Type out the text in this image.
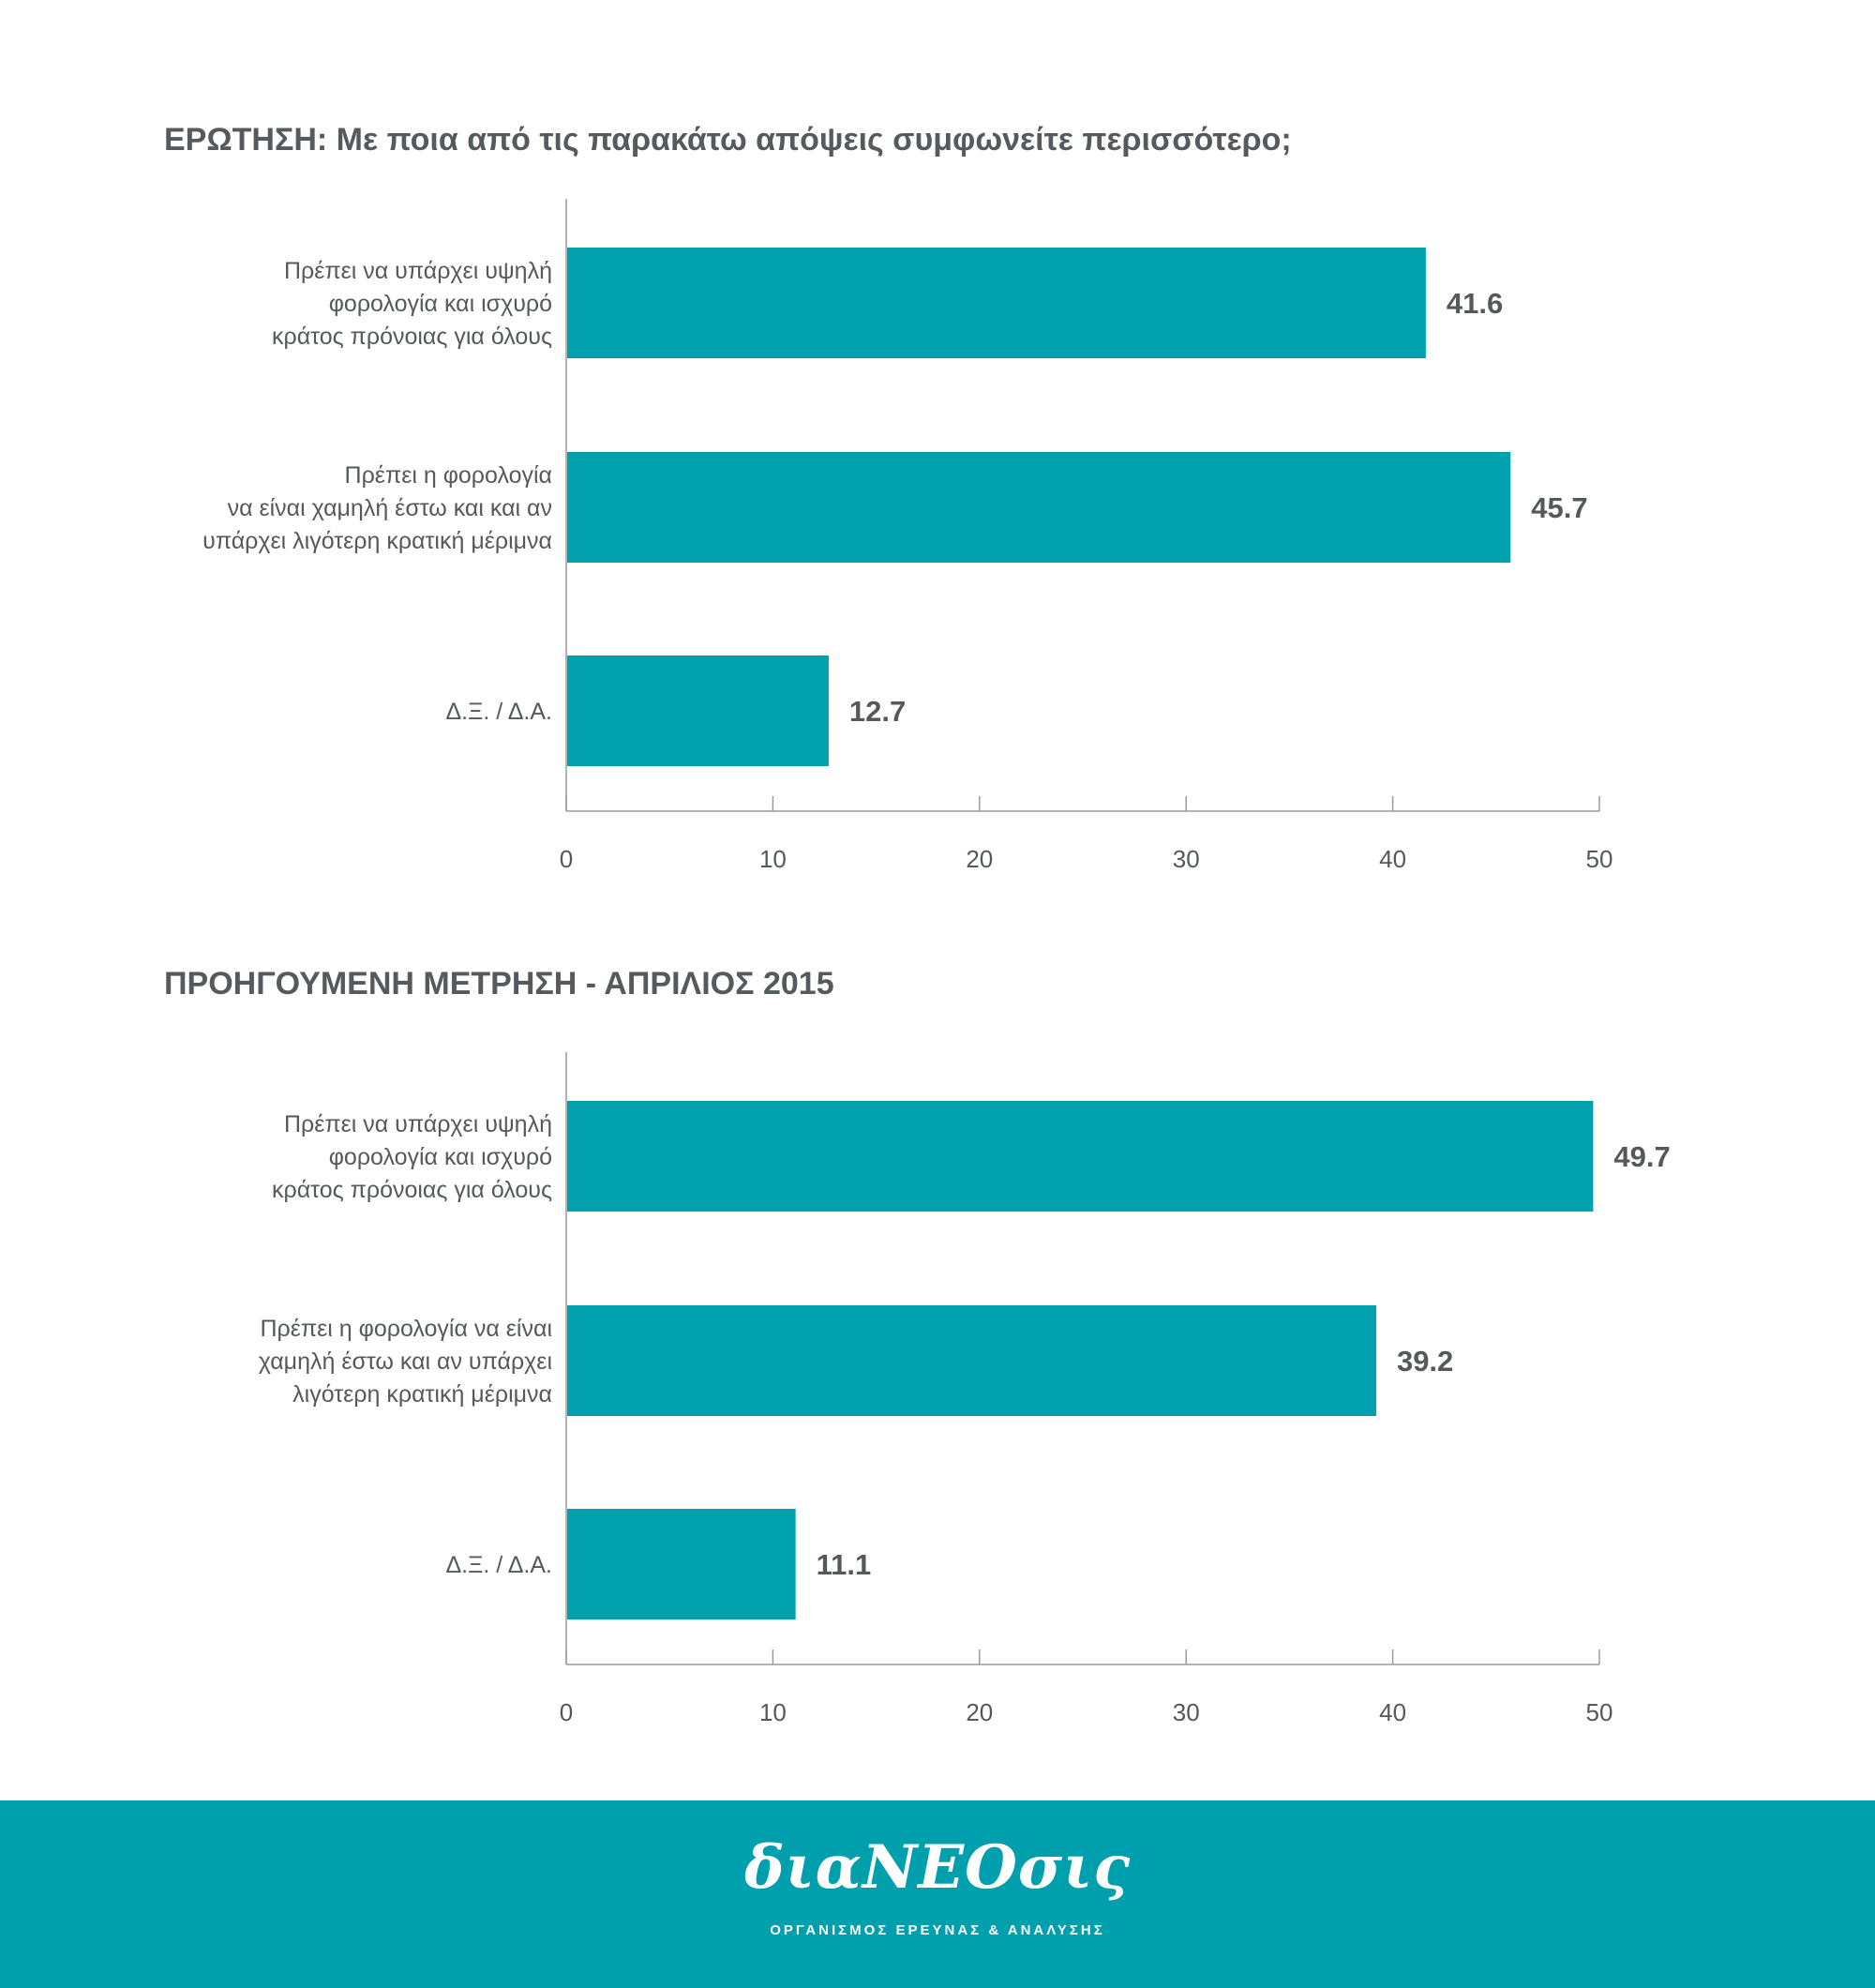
ΕΡΩΤΗΣΗ: Με ποια από τις παρακάτω απόψεις συμφωνείτε περισσότερο;
0	10	20	30	40	50
41.6
Πρέπει να υπάρχει υψηλή φορολογία και ισχυρό κράτος πρόνοιας για όλους
45.7
Πρέπει η φορολογία να είναι χαμηλή έστω και και αν υπάρχει λιγότερη κρατική μέριμνα
12.7
Δ.Ξ. / Δ.Α.
ΠΡΟΗΓΟΥΜΕΝΗ ΜΕΤΡΗΣΗ - ΑΠΡΙΛΙΟΣ 2015
0	10	20	30	40	50
49.7
Πρέπει να υπάρχει υψηλή φορολογία και ισχυρό κράτος πρόνοιας για όλους
39.2
Πρέπει η φορολογία να είναι χαμηλή έστω και αν υπάρχει λιγότερη κρατική μέριμνα
11.1
Δ.Ξ. / Δ.Α.
διαΝΕΟσις
ΟΡΓΑΝΙΣΜΟΣ ΕΡΕΥΝΑΣ & ΑΝΑΛΥΣΗΣ
